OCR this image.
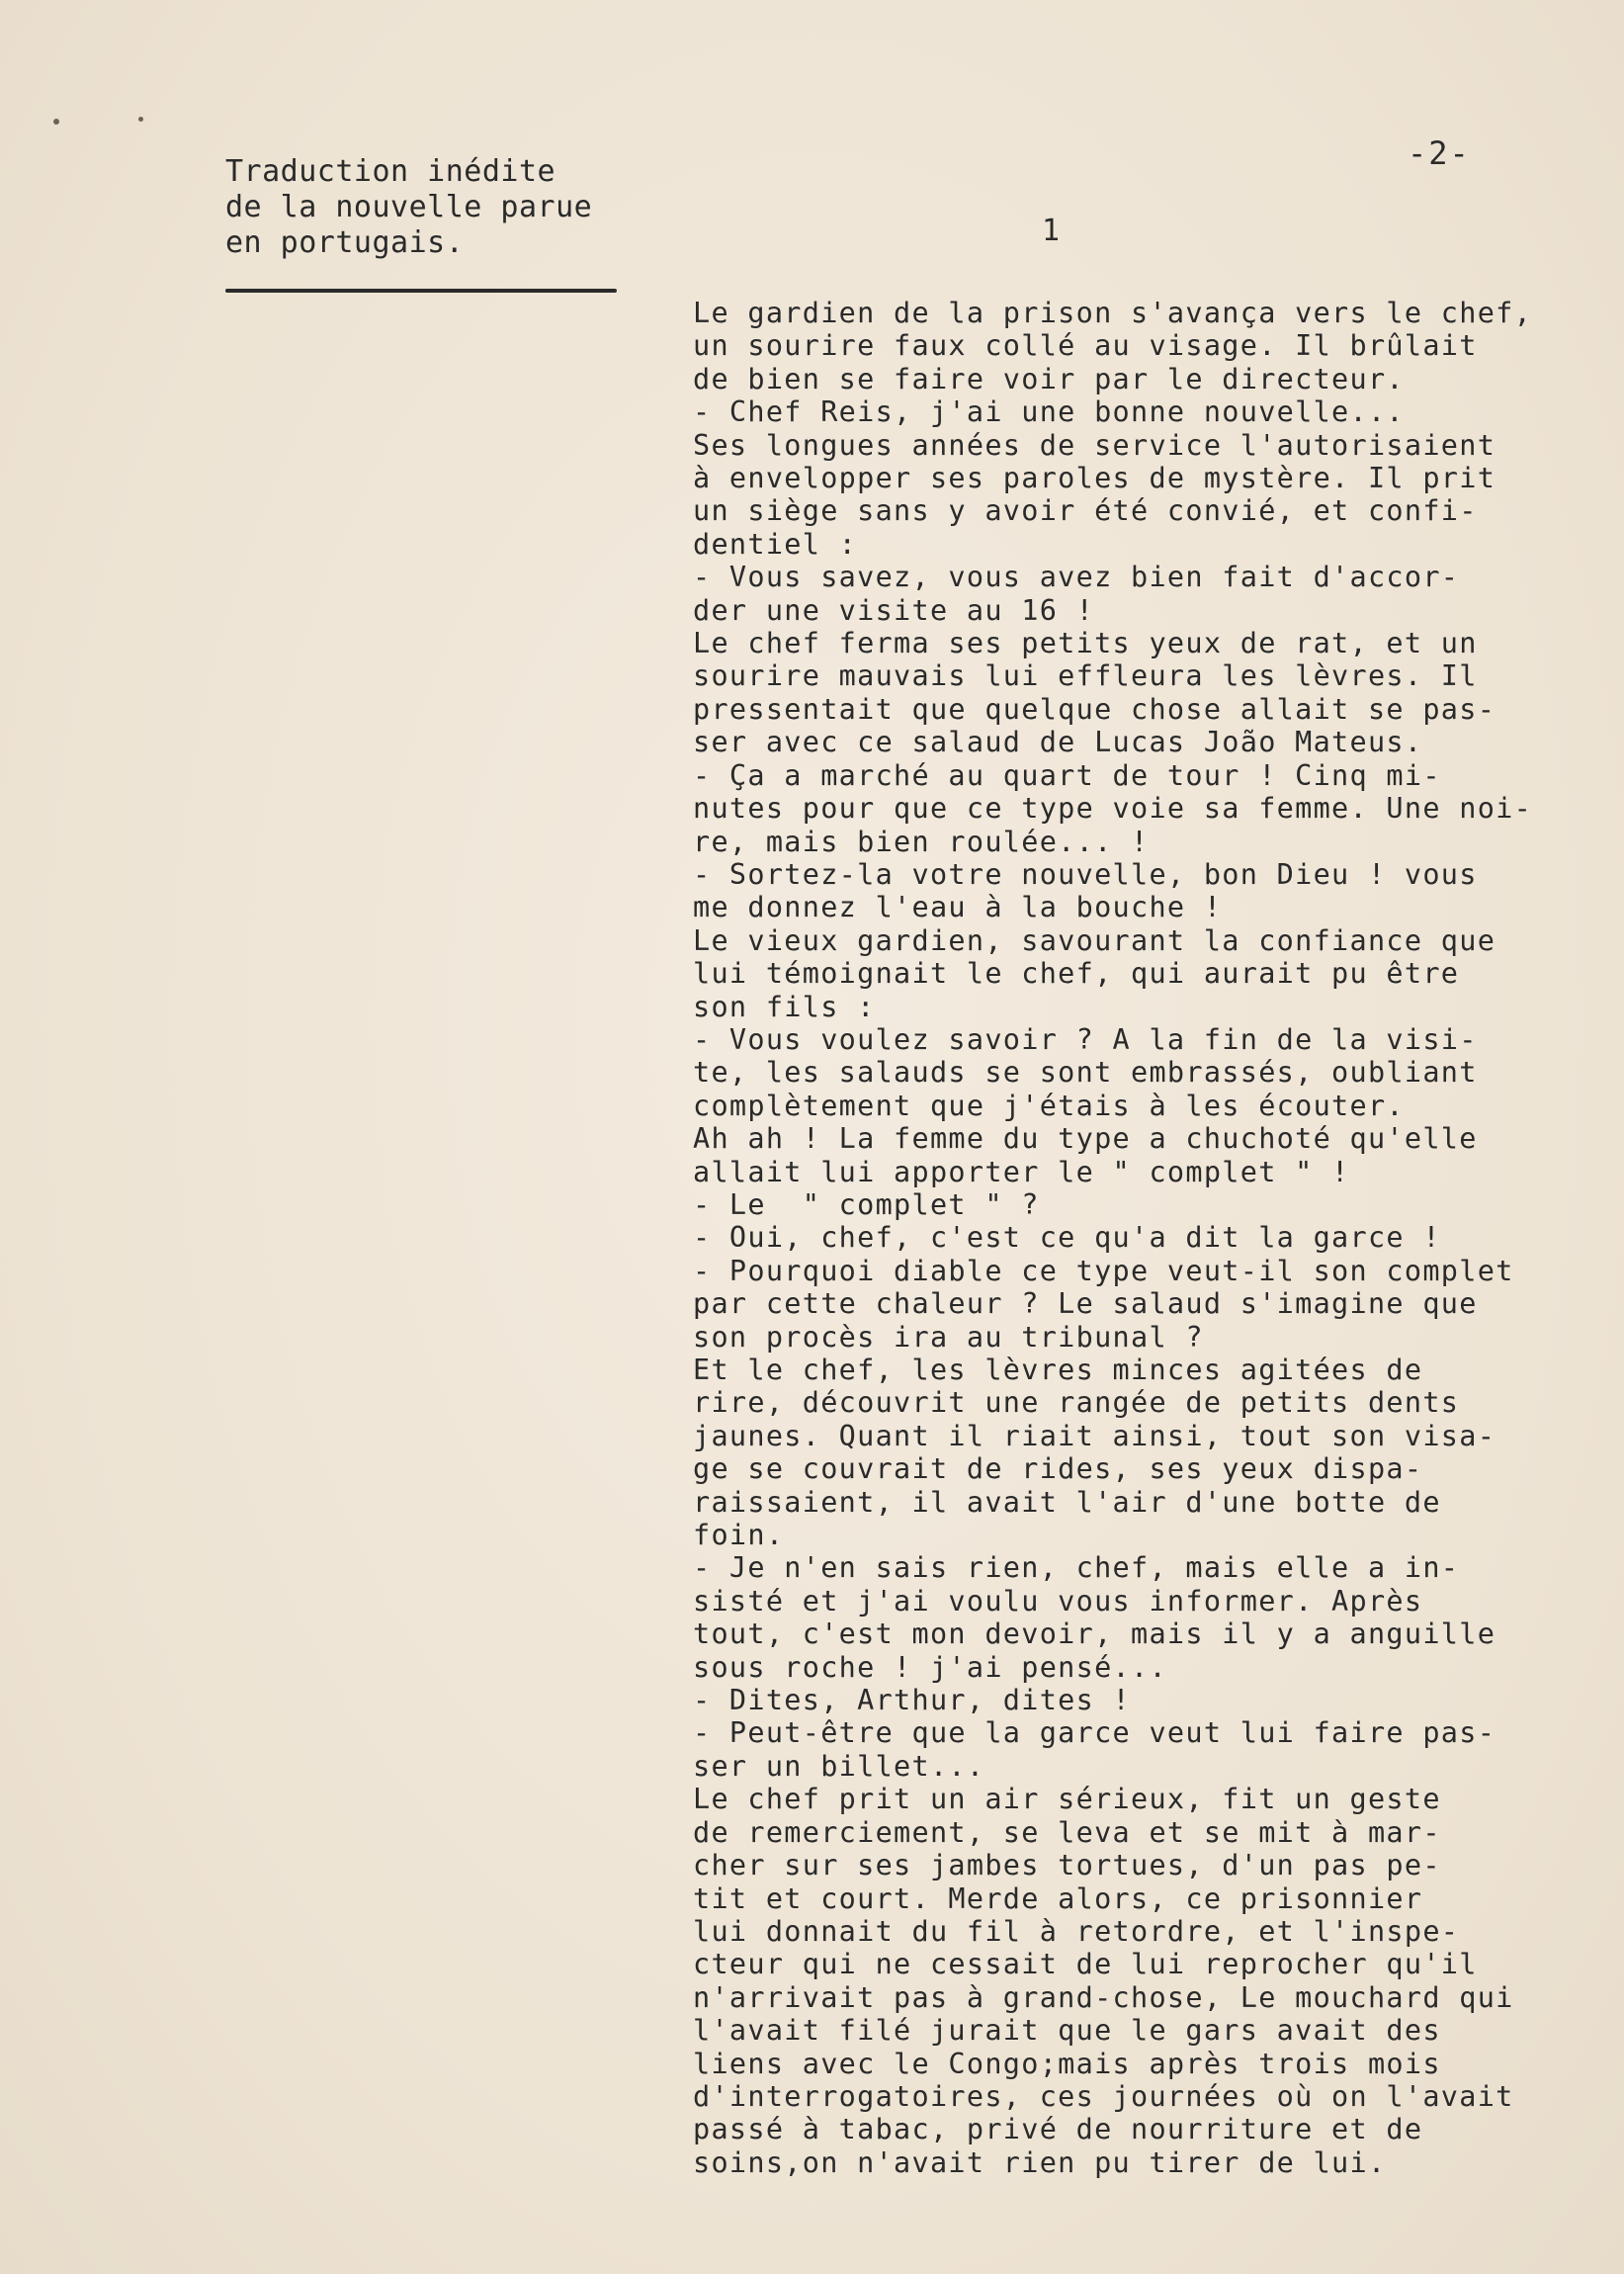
Traduction inédite
de la nouvelle parue
en portugais.
-2-
1
Le gardien de la prison s'avança vers le chef,
un sourire faux collé au visage. Il brûlait
de bien se faire voir par le directeur.
- Chef Reis, j'ai une bonne nouvelle...
Ses longues années de service l'autorisaient
à envelopper ses paroles de mystère. Il prit
un siège sans y avoir été convié, et confi-
dentiel :
- Vous savez, vous avez bien fait d'accor-
der une visite au 16 !
Le chef ferma ses petits yeux de rat, et un
sourire mauvais lui effleura les lèvres. Il
pressentait que quelque chose allait se pas-
ser avec ce salaud de Lucas João Mateus.
- Ça a marché au quart de tour ! Cinq mi-
nutes pour que ce type voie sa femme. Une noi-
re, mais bien roulée... !
- Sortez-la votre nouvelle, bon Dieu ! vous
me donnez l'eau à la bouche !
Le vieux gardien, savourant la confiance que
lui témoignait le chef, qui aurait pu être
son fils :
- Vous voulez savoir ? A la fin de la visi-
te, les salauds se sont embrassés, oubliant
complètement que j'étais à les écouter.
Ah ah ! La femme du type a chuchoté qu'elle
allait lui apporter le " complet " !
- Le  " complet " ?
- Oui, chef, c'est ce qu'a dit la garce !
- Pourquoi diable ce type veut-il son complet
par cette chaleur ? Le salaud s'imagine que
son procès ira au tribunal ?
Et le chef, les lèvres minces agitées de
rire, découvrit une rangée de petits dents
jaunes. Quant il riait ainsi, tout son visa-
ge se couvrait de rides, ses yeux dispa-
raissaient, il avait l'air d'une botte de
foin.
- Je n'en sais rien, chef, mais elle a in-
sisté et j'ai voulu vous informer. Après
tout, c'est mon devoir, mais il y a anguille
sous roche ! j'ai pensé...
- Dites, Arthur, dites !
- Peut-être que la garce veut lui faire pas-
ser un billet...
Le chef prit un air sérieux, fit un geste
de remerciement, se leva et se mit à mar-
cher sur ses jambes tortues, d'un pas pe-
tit et court. Merde alors, ce prisonnier
lui donnait du fil à retordre, et l'inspe-
cteur qui ne cessait de lui reprocher qu'il
n'arrivait pas à grand-chose, Le mouchard qui
l'avait filé jurait que le gars avait des
liens avec le Congo;mais après trois mois
d'interrogatoires, ces journées où on l'avait
passé à tabac, privé de nourriture et de
soins,on n'avait rien pu tirer de lui.
